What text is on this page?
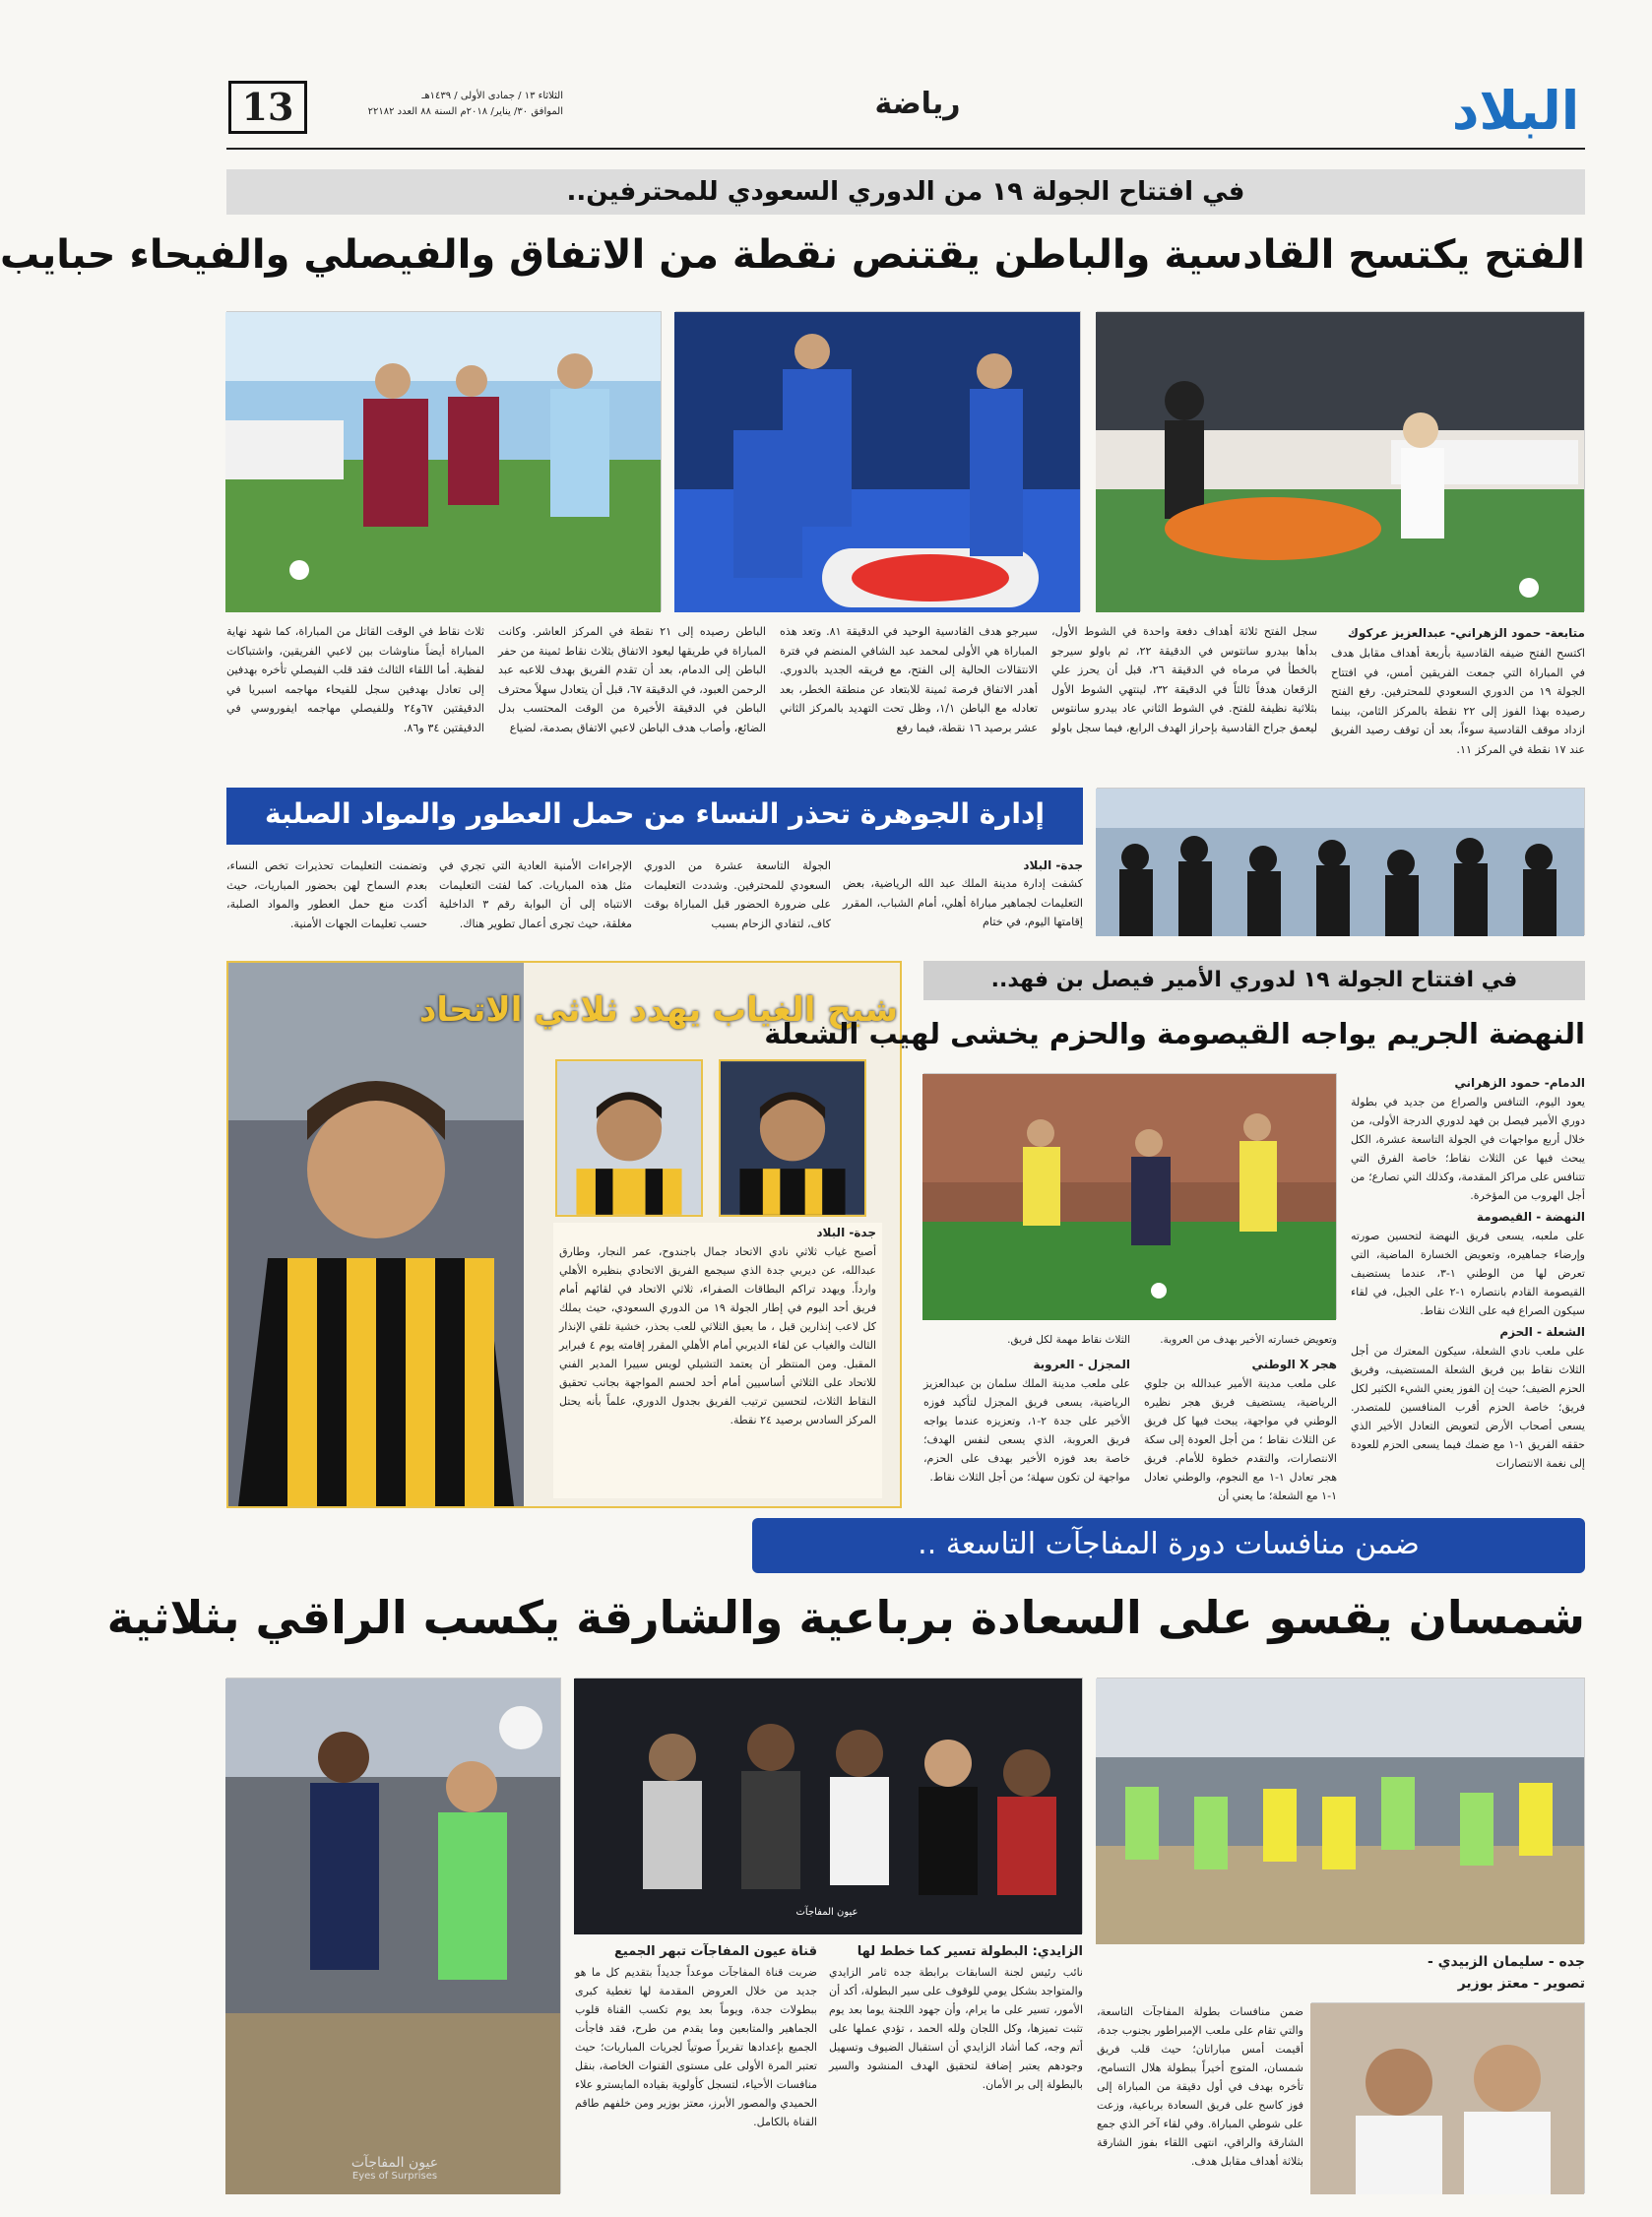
البلاد
رياضة
13	الثلاثاء ١٣ / جمادى الأولى / ١٤٣٩هـ
الموافق ٣٠/ يناير/ ٢٠١٨م السنة ٨٨ العدد ٢٢١٨٢
في افتتاح الجولة ١٩ من الدوري السعودي للمحترفين..
الفتح يكتسح القادسية والباطن يقتنص نقطة من الاتفاق والفيصلي والفيحاء حبايب
متابعة- حمود الزهراني- عبدالعزيز عركوك
اكتسح الفتح ضيفه القادسية بأربعة أهداف مقابل هدف في المباراة التي جمعت الفريقين أمس، في افتتاح الجولة ١٩ من الدوري السعودي للمحترفين. رفع الفتح رصيده بهذا الفوز إلى ٢٢ نقطة بالمركز الثامن، بينما ازداد موقف القادسية سوءاً، بعد أن توقف رصيد الفريق عند ١٧ نقطة في المركز ١١.
سجل الفتح ثلاثة أهداف دفعة واحدة في الشوط الأول، بدأها بيدرو سانتوس في الدقيقة ٢٢، ثم باولو سيرجو بالخطأ في مرماه في الدقيقة ٢٦، قبل أن يحرز علي الزقعان هدفاً ثالثاً في الدقيقة ٣٢، لينتهي الشوط الأول بثلاثية نظيفة للفتح. في الشوط الثاني عاد بيدرو سانتوس ليعمق جراح القادسية بإحراز الهدف الرابع، فيما سجل باولو
سيرجو هدف القادسية الوحيد في الدقيقة ٨١. وتعد هذه المباراة هي الأولى لمحمد عبد الشافي المنضم في فترة الانتقالات الحالية إلى الفتح، مع فريقه الجديد بالدوري. أهدر الاتفاق فرصة ثمينة للابتعاد عن منطقة الخطر، بعد تعادله مع الباطن ١/١، وظل تحت التهديد بالمركز الثاني عشر برصيد ١٦ نقطة، فيما رفع
الباطن رصيده إلى ٢١ نقطة في المركز العاشر. وكانت المباراة في طريقها ليعود الاتفاق بثلاث نقاط ثمينة من حفر الباطن إلى الدمام، بعد أن تقدم الفريق بهدف للاعبه عبد الرحمن العبود، في الدقيقة ٦٧، قبل أن يتعادل سهلاً محترف الباطن في الدقيقة الأخيرة من الوقت المحتسب بدل الضائع، وأصاب هدف الباطن لاعبي الاتفاق بصدمة، لضياع
ثلاث نقاط في الوقت القاتل من المباراة، كما شهد نهاية المباراة أيضاً مناوشات بين لاعبي الفريقين، واشتباكات لفظية. أما اللقاء الثالث فقد قلب الفيصلي تأخره بهدفين إلى تعادل بهدفين سجل للفيحاء مهاجمه اسبريا في الدقيقتين ٦٧و٢٤ وللفيصلي مهاجمه ايفوروسي في الدقيقتين ٣٤ و٨٦.
إدارة الجوهرة تحذر النساء من حمل العطور والمواد الصلبة
جدة- البلاد
كشفت إدارة مدينة الملك عبد الله الرياضية، بعض التعليمات لجماهير مباراة أهلي، أمام الشباب، المقرر إقامتها اليوم، في ختام
الجولة التاسعة عشرة من الدوري السعودي للمحترفين. وشددت التعليمات على ضرورة الحضور قبل المباراة بوقت كاف، لتفادي الزحام بسبب
الإجراءات الأمنية العادية التي تجري في مثل هذه المباريات. كما لفتت التعليمات الانتباه إلى أن البوابة رقم ٣ الداخلية مغلقة، حيث تجرى أعمال تطوير هناك.
وتضمنت التعليمات تحذيرات تخص النساء، بعدم السماح لهن بحضور المباريات، حيث أكدت منع حمل العطور والمواد الصلبة، حسب تعليمات الجهات الأمنية.
شبح الغياب يهدد ثلاثي الاتحاد
جدة- البلاد
أصبح غياب ثلاثي نادي الاتحاد جمال باجندوح، عمر النجار، وطارق عبدالله، عن ديربي جدة الذي سيجمع الفريق الاتحادي بنظيره الأهلي وارداً. ويهدد تراكم البطاقات الصفراء، ثلاثي الاتحاد في لقائهم أمام فريق أحد اليوم في إطار الجولة ١٩ من الدوري السعودي، حيث يملك كل لاعب إنذارين قبل ، ما يعيق الثلاثي للعب بحذر، خشية تلقي الإنذار الثالث والغياب عن لقاء الديربي أمام الأهلي المقرر إقامته يوم ٤ فبراير المقبل. ومن المنتظر أن يعتمد التشيلي لويس سييرا المدير الفني للاتحاد على الثلاثي أساسيين أمام أحد لحسم المواجهة بجانب تحقيق النقاط الثلاث، لتحسين ترتيب الفريق بجدول الدوري، علماً بأنه يحتل المركز السادس برصيد ٢٤ نقطة.
في افتتاح الجولة ١٩ لدوري الأمير فيصل بن فهد..
النهضة الجريم يواجه القيصومة والحزم يخشى لهيب الشعلة
الدمام- حمود الزهراني
يعود اليوم، التنافس والصراع من جديد في بطولة دوري الأمير فيصل بن فهد لدوري الدرجة الأولى، من خلال أربع مواجهات في الجولة التاسعة عشرة، الكل يبحث فيها عن الثلاث نقاط؛ خاصة الفرق التي تتنافس على مراكز المقدمة، وكذلك التي تصارع؛ من أجل الهروب من المؤخرة.
النهضة - القيصومة
على ملعبه، يسعى فريق النهضة لتحسين صورته وإرضاء جماهيره، وتعويض الخسارة الماضية، التي تعرض لها من الوطني ١-٣، عندما يستضيف القيصومة القادم بانتصاره ١-٢ على الجبل، في لقاء سيكون الصراع فيه على الثلاث نقاط.
الشعلة - الحزم
على ملعب نادي الشعلة، سيكون المعترك من أجل الثلاث نقاط بين فريق الشعلة المستضيف، وفريق الحزم الضيف؛ حيث إن الفوز يعني الشيء الكثير لكل فريق؛ خاصة الحزم أقرب المنافسين للمتصدر. يسعى أصحاب الأرض لتعويض التعادل الأخير الذي حققه الفريق ١-١ مع ضمك فيما يسعى الحزم للعودة إلى نغمة الانتصارات
وتعويض خسارته الأخير بهدف من العروبة.
الثلاث نقاط مهمة لكل فريق.
هجر X الوطني
على ملعب مدينة الأمير عبدالله بن جلوي الرياضية، يستضيف فريق هجر نظيره الوطني في مواجهة، يبحث فيها كل فريق عن الثلاث نقاط ؛ من أجل العودة إلى سكة الانتصارات، والتقدم خطوة للأمام. فريق هجر تعادل ١-١ مع النجوم، والوطني تعادل ١-١ مع الشعلة؛ ما يعني أن
المجزل - العروبة
على ملعب مدينة الملك سلمان بن عبدالعزيز الرياضية، يسعى فريق المجزل لتأكيد فوزه الأخير على جدة ٢-١، وتعزيزه عندما يواجه فريق العروبة، الذي يسعى لنفس الهدف؛ خاصة بعد فوزه الأخير بهدف على الحزم، مواجهة لن تكون سهلة؛ من أجل الثلاث نقاط.
ضمن منافسات دورة المفاجآت التاسعة ..
شمسان يقسو على السعادة برباعية والشارقة يكسب الراقي بثلاثية
عيون المفاجآت
عيون المفاجآت
Eyes of Surprises
جده - سليمان الزبيدي -
تصوير - معتز بوزير
ضمن منافسات بطولة المفاجآت التاسعة، والتي تقام على ملعب الإمبراطور بجنوب جدة، أقيمت أمس مباراتان؛ حيث قلب فريق شمسان، المتوج أخيراً ببطولة هلال التسامح، تأخره بهدف في أول دقيقة من المباراة إلى فوز كاسح على فريق السعادة برباعية، وزعت على شوطي المباراة. وفي لقاء آخر الذي جمع الشارقة والراقي، انتهى اللقاء بفوز الشارقة بثلاثة أهداف مقابل هدف.
الزايدي: البطولة تسير كما خطط لها
نائب رئيس لجنة السابقات برابطة جده ثامر الزايدي والمتواجد بشكل يومي للوقوف على سير البطولة، أكد أن الأمور، تسير على ما يرام، وأن جهود اللجنة يوما بعد يوم تثبت تميزها، وكل اللجان ولله الحمد ، تؤدي عملها على أتم وجه، كما أشاد الزايدي أن استقبال الضيوف وتسهيل وجودهم يعتبر إضافة لتحقيق الهدف المنشود والسير بالبطولة إلى بر الأمان.
قناة عيون المفاجآت تبهر الجميع
ضربت قناة المفاجآت موعداً جديداً بتقديم كل ما هو جديد من خلال العروض المقدمة لها تغطية كبرى ببطولات جدة، ويوماً بعد يوم تكسب القناة قلوب الجماهير والمتابعين وما يقدم من طرح، فقد فاجأت الجميع بإعدادها تقريراً صوتياً لجريات المباريات؛ حيث تعتبر المرة الأولى على مستوى القنوات الخاصة، بنقل منافسات الأحياء، لتسجل كأولوية بقياده المايسترو علاء الحميدي والمصور الأبرز، معتز بوزير ومن خلفهم طاقم القناة بالكامل.
